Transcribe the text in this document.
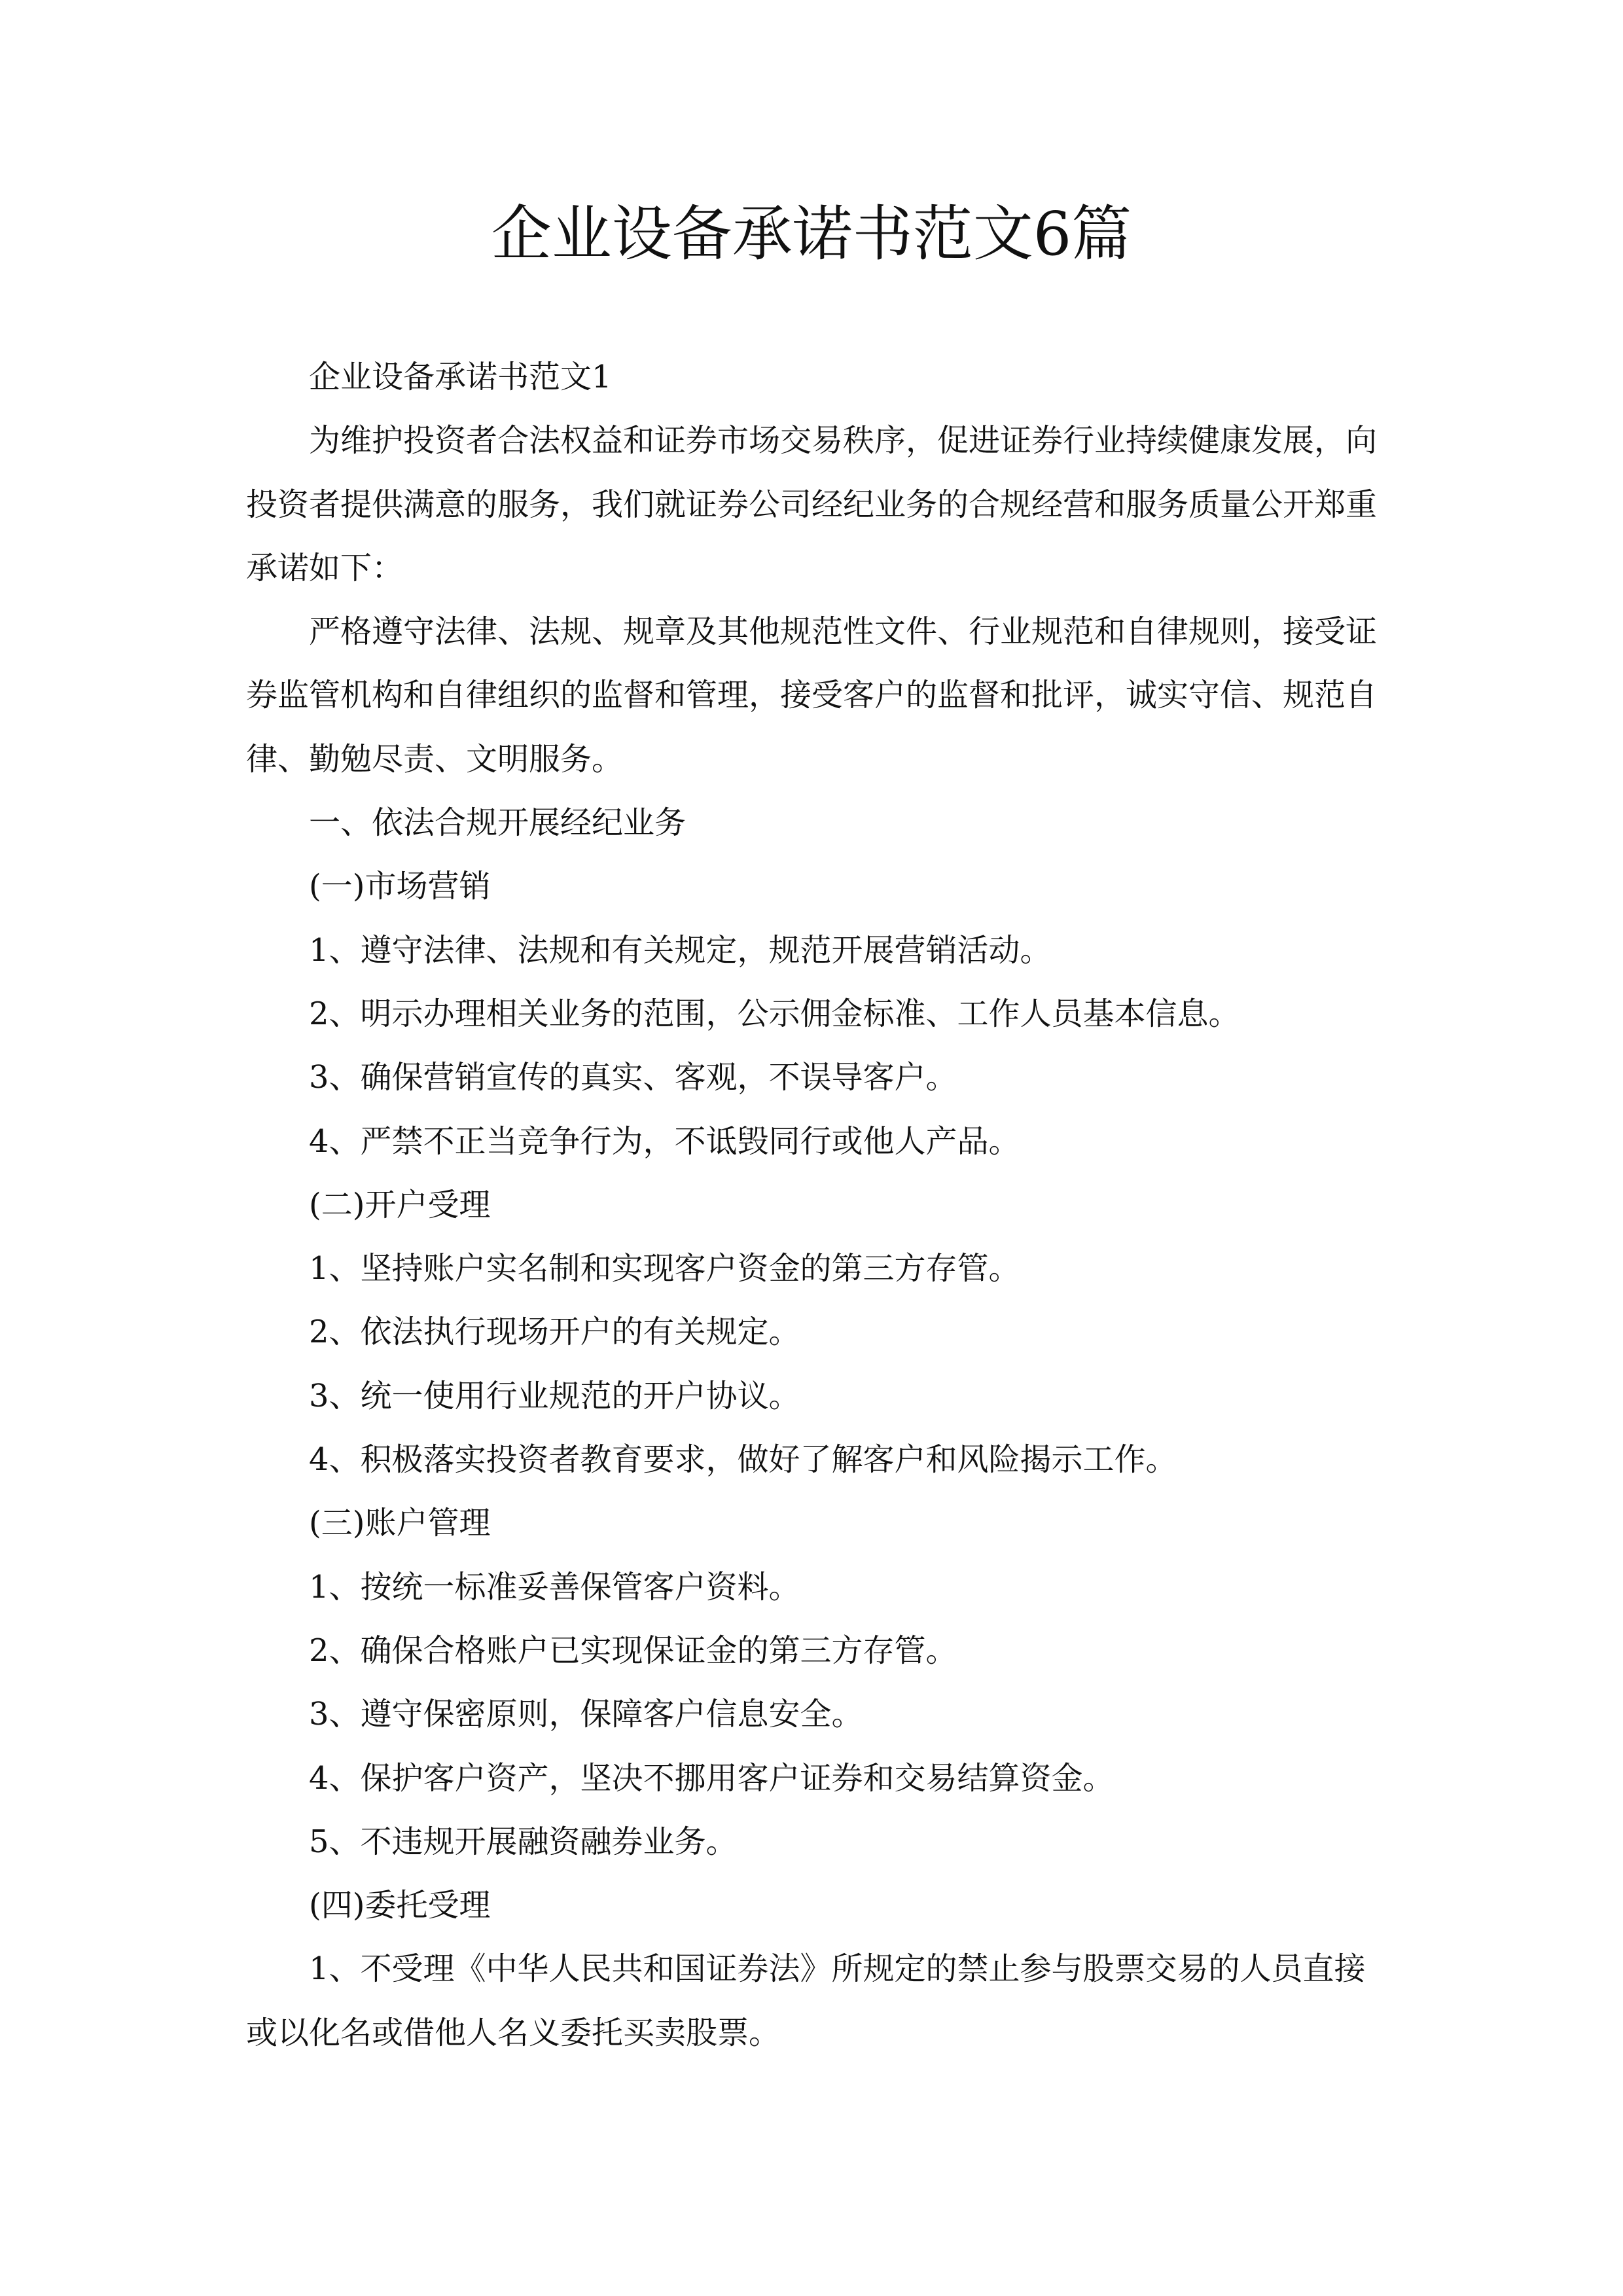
企业设备承诺书范文6篇

企业设备承诺书范文1

为维护投资者合法权益和证券市场交易秩序，促进证券行业持续健康发展，向投资者提供满意的服务，我们就证券公司经纪业务的合规经营和服务质量公开郑重承诺如下：

严格遵守法律、法规、规章及其他规范性文件、行业规范和自律规则，接受证券监管机构和自律组织的监督和管理，接受客户的监督和批评，诚实守信、规范自律、勤勉尽责、文明服务。

一、依法合规开展经纪业务

(一)市场营销

1、遵守法律、法规和有关规定，规范开展营销活动。

2、明示办理相关业务的范围，公示佣金标准、工作人员基本信息。

3、确保营销宣传的真实、客观，不误导客户。

4、严禁不正当竞争行为，不诋毁同行或他人产品。

(二)开户受理

1、坚持账户实名制和实现客户资金的第三方存管。

2、依法执行现场开户的有关规定。

3、统一使用行业规范的开户协议。

4、积极落实投资者教育要求，做好了解客户和风险揭示工作。

(三)账户管理

1、按统一标准妥善保管客户资料。

2、确保合格账户已实现保证金的第三方存管。

3、遵守保密原则，保障客户信息安全。

4、保护客户资产，坚决不挪用客户证券和交易结算资金。

5、不违规开展融资融券业务。

(四)委托受理

1、不受理《中华人民共和国证券法》所规定的禁止参与股票交易的人员直接或以化名或借他人名义委托买卖股票。
